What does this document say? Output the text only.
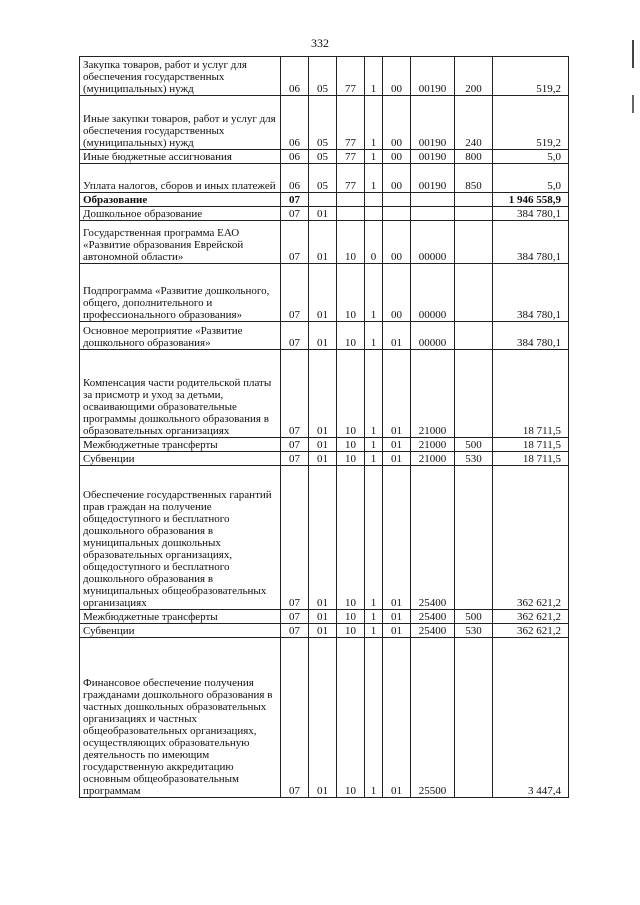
332
Закупка товаров, работ и услуг для обеспечения государственных (муниципальных) нужд	06	05	77	1	00	00190	200	519,2
Иные закупки товаров, работ и услуг для обеспечения государственных (муниципальных) нужд	06	05	77	1	00	00190	240	519,2
Иные бюджетные ассигнования	06	05	77	1	00	00190	800	5,0
Уплата налогов, сборов и иных платежей	06	05	77	1	00	00190	850	5,0
Образование	07							1 946 558,9
Дошкольное образование	07	01						384 780,1
Государственная программа ЕАО «Развитие образования Еврейской автономной области»	07	01	10	0	00	00000		384 780,1
Подпрограмма «Развитие дошкольного, общего, дополнительного и профессионального образования»	07	01	10	1	00	00000		384 780,1
Основное мероприятие «Развитие дошкольного образования»	07	01	10	1	01	00000		384 780,1
Компенсация части родительской платы за присмотр и уход за детьми, осваивающими образовательные программы дошкольного образования в образовательных организациях	07	01	10	1	01	21000		18 711,5
Межбюджетные трансферты	07	01	10	1	01	21000	500	18 711,5
Субвенции	07	01	10	1	01	21000	530	18 711,5
Обеспечение государственных гарантий прав граждан на получение общедоступного и бесплатного дошкольного образования в муниципальных дошкольных образовательных организациях, общедоступного и бесплатного дошкольного образования в муниципальных общеобразовательных организациях	07	01	10	1	01	25400		362 621,2
Межбюджетные трансферты	07	01	10	1	01	25400	500	362 621,2
Субвенции	07	01	10	1	01	25400	530	362 621,2
Финансовое обеспечение получения гражданами дошкольного образования в частных дошкольных образовательных организациях и частных общеобразовательных организациях, осуществляющих образовательную деятельность по имеющим государственную аккредитацию основным общеобразовательным программам	07	01	10	1	01	25500		3 447,4
